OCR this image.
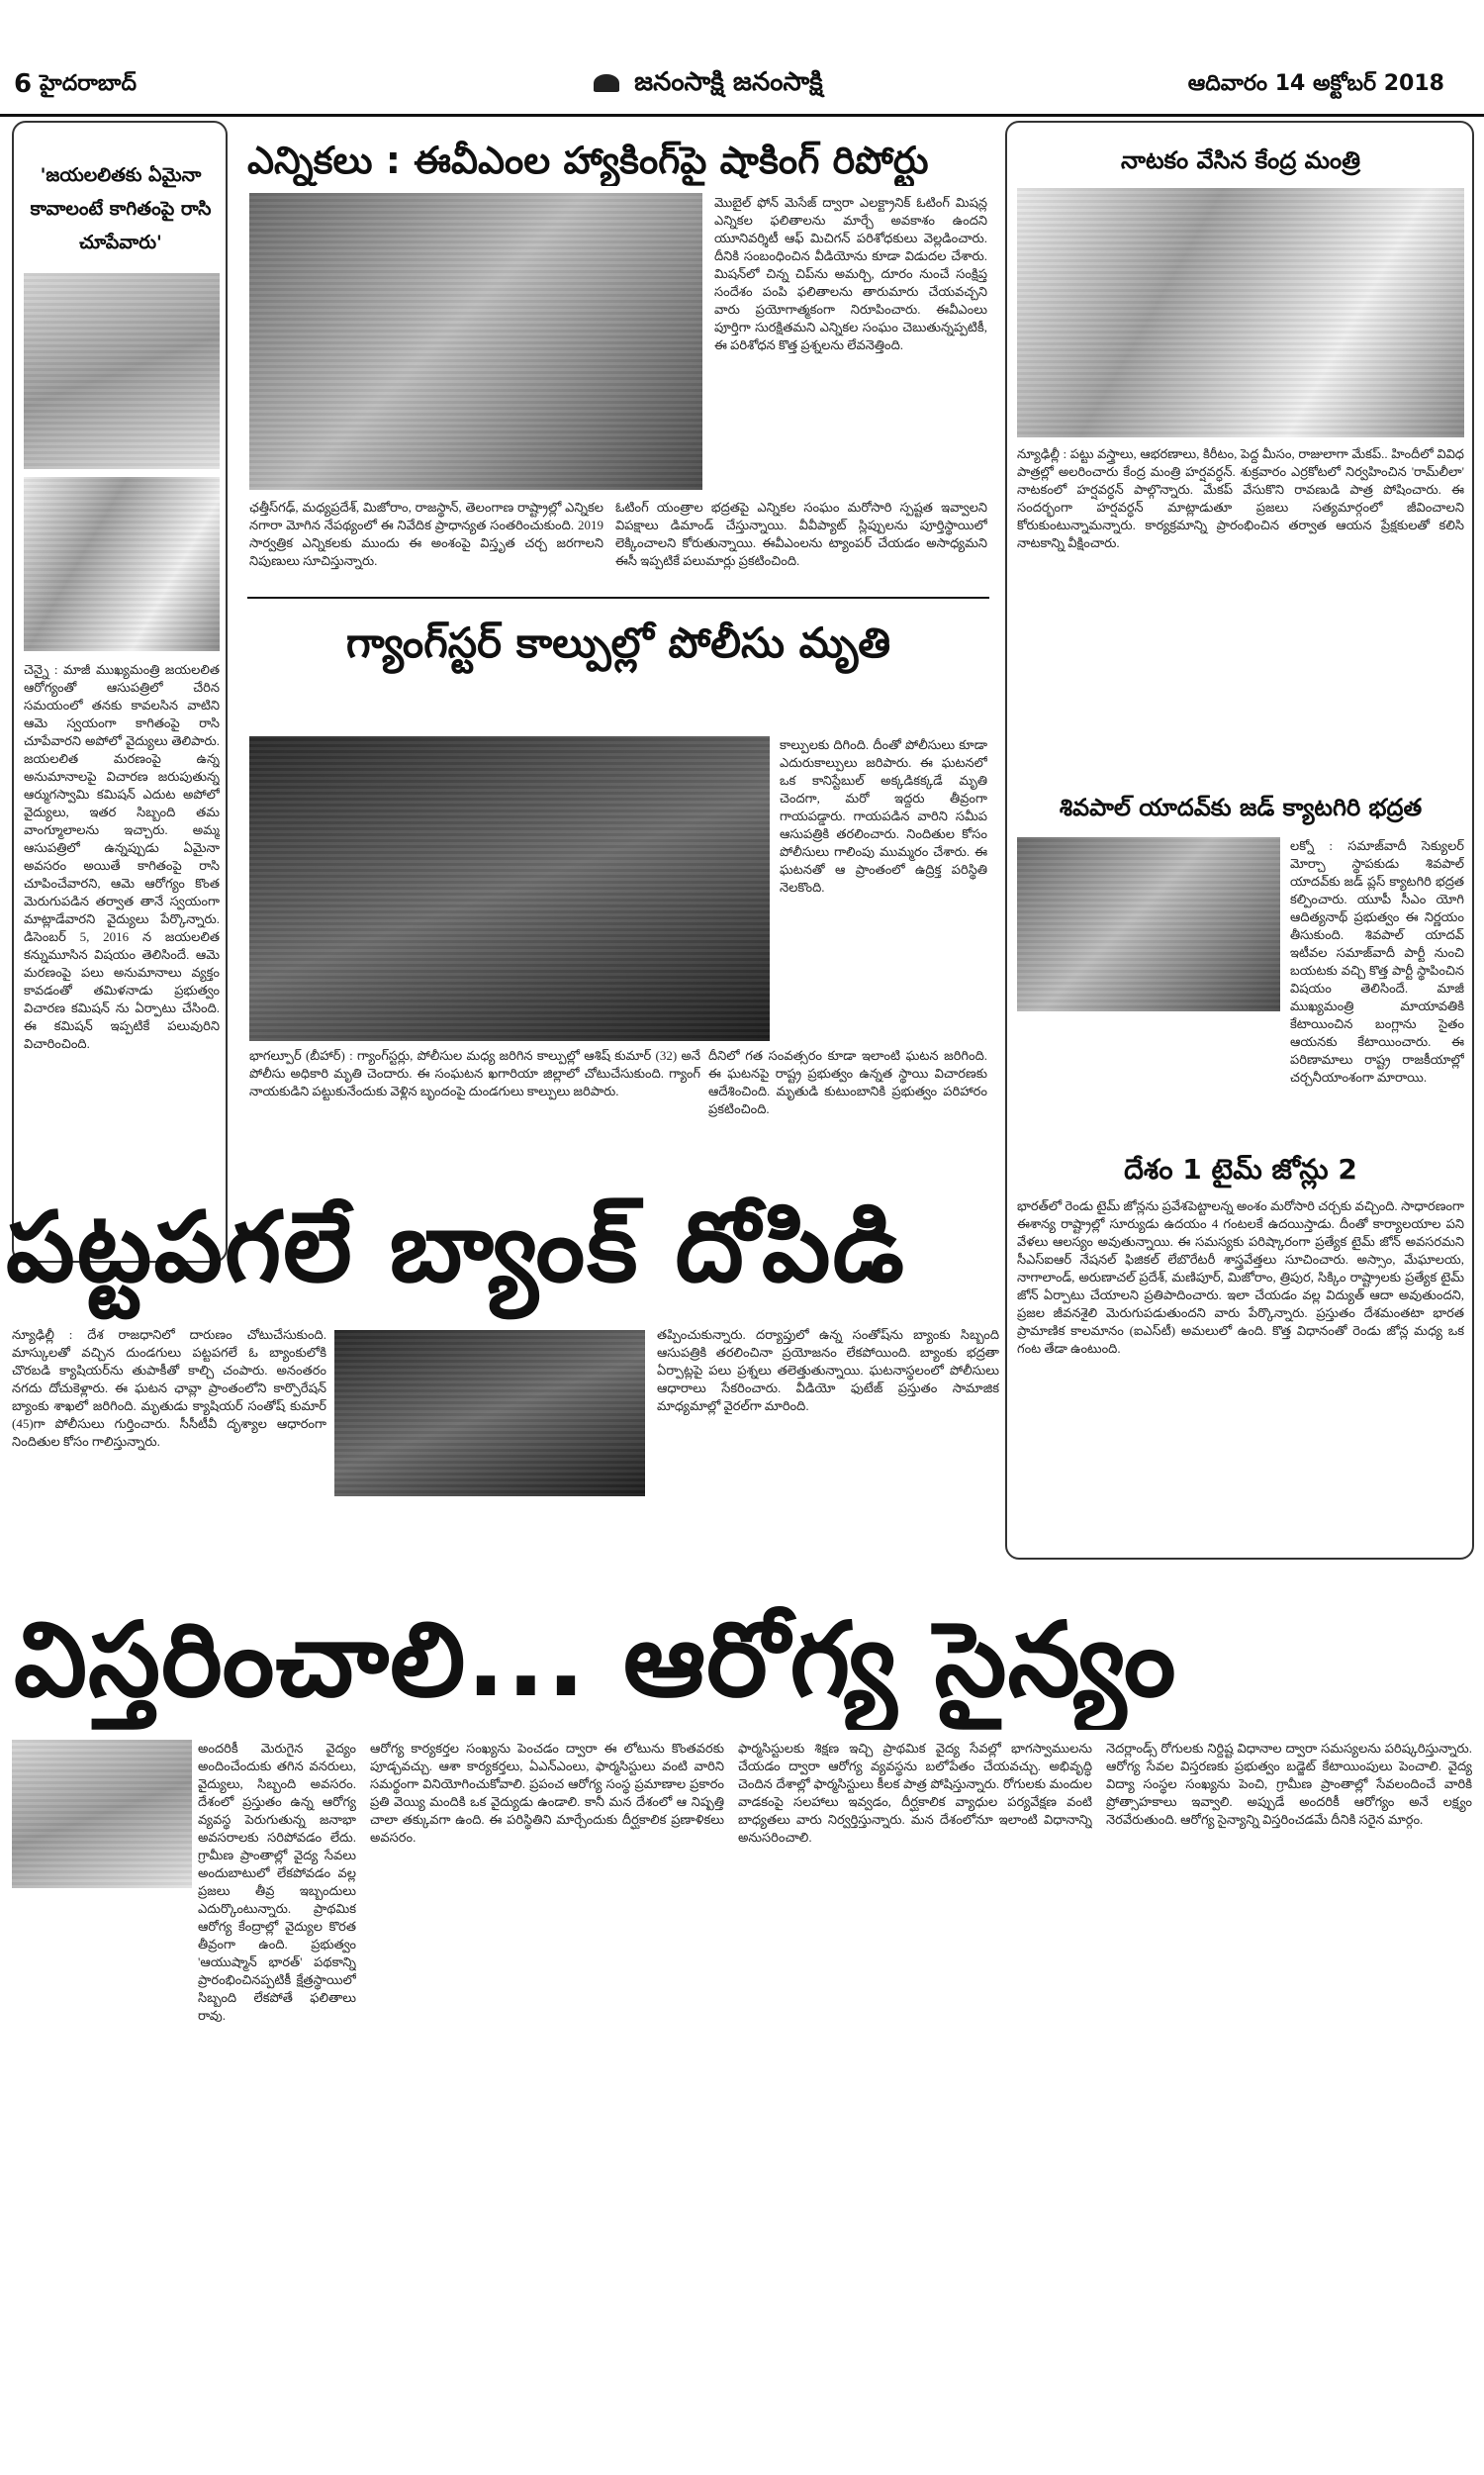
6 హైదరాబాద్	జనంసాక్షి జనంసాక్షి	ఆదివారం 14 అక్టోబర్ 2018
'జయలలితకు ఏమైనా కావాలంటే కాగితంపై రాసి చూపేవారు'
చెన్నై : మాజీ ముఖ్యమంత్రి జయలలిత ఆరోగ్యంతో ఆసుపత్రిలో చేరిన సమయంలో తనకు కావలసిన వాటిని ఆమె స్వయంగా కాగితంపై రాసి చూపేవారని అపోలో వైద్యులు తెలిపారు. జయలలిత మరణంపై ఉన్న అనుమానాలపై విచారణ జరుపుతున్న ఆర్ముగస్వామి కమిషన్ ఎదుట అపోలో వైద్యులు, ఇతర సిబ్బంది తమ వాంగ్మూలాలను ఇచ్చారు. అమ్మ ఆసుపత్రిలో ఉన్నప్పుడు ఏమైనా అవసరం అయితే కాగితంపై రాసి చూపించేవారని, ఆమె ఆరోగ్యం కొంత మెరుగుపడిన తర్వాత తానే స్వయంగా మాట్లాడేవారని వైద్యులు పేర్కొన్నారు. డిసెంబర్ 5, 2016 న జయలలిత కన్నుమూసిన విషయం తెలిసిందే. ఆమె మరణంపై పలు అనుమానాలు వ్యక్తం కావడంతో తమిళనాడు ప్రభుత్వం విచారణ కమిషన్ ను ఏర్పాటు చేసింది. ఈ కమిషన్ ఇప్పటికే పలువురిని విచారించింది.
ఎన్నికలు : ఈవీఎంల హ్యాకింగ్‌పై షాకింగ్ రిపోర్టు
మొబైల్ ఫోన్ మెసేజ్ ద్వారా ఎలక్ట్రానిక్ ఓటింగ్ మిషన్ల ఎన్నికల ఫలితాలను మార్చే అవకాశం ఉందని యూనివర్శిటీ ఆఫ్ మిచిగన్ పరిశోధకులు వెల్లడించారు. దీనికి సంబంధించిన వీడియోను కూడా విడుదల చేశారు. మిషన్‌లో చిన్న చిప్‌ను అమర్చి, దూరం నుంచే సంక్షిప్త సందేశం పంపి ఫలితాలను తారుమారు చేయవచ్చని వారు ప్రయోగాత్మకంగా నిరూపించారు. ఈవీఎంలు పూర్తిగా సురక్షితమని ఎన్నికల సంఘం చెబుతున్నప్పటికీ, ఈ పరిశోధన కొత్త ప్రశ్నలను లేవనెత్తింది.
ఛత్తీస్‌గఢ్, మధ్యప్రదేశ్, మిజోరాం, రాజస్థాన్, తెలంగాణ రాష్ట్రాల్లో ఎన్నికల నగారా మోగిన నేపథ్యంలో ఈ నివేదిక ప్రాధాన్యత సంతరించుకుంది. 2019 సార్వత్రిక ఎన్నికలకు ముందు ఈ అంశంపై విస్తృత చర్చ జరగాలని నిపుణులు సూచిస్తున్నారు.
ఓటింగ్ యంత్రాల భద్రతపై ఎన్నికల సంఘం మరోసారి స్పష్టత ఇవ్వాలని విపక్షాలు డిమాండ్ చేస్తున్నాయి. వీవీప్యాట్ స్లిప్పులను పూర్తిస్థాయిలో లెక్కించాలని కోరుతున్నాయి. ఈవీఎంలను ట్యాంపర్ చేయడం అసాధ్యమని ఈసీ ఇప్పటికే పలుమార్లు ప్రకటించింది.
గ్యాంగ్‌స్టర్ కాల్పుల్లో పోలీసు మృతి
కాల్పులకు దిగింది. దీంతో పోలీసులు కూడా ఎదురుకాల్పులు జరిపారు. ఈ ఘటనలో ఒక కానిస్టేబుల్ అక్కడికక్కడే మృతి చెందగా, మరో ఇద్దరు తీవ్రంగా గాయపడ్డారు. గాయపడిన వారిని సమీప ఆసుపత్రికి తరలించారు. నిందితుల కోసం పోలీసులు గాలింపు ముమ్మరం చేశారు. ఈ ఘటనతో ఆ ప్రాంతంలో ఉద్రిక్త పరిస్థితి నెలకొంది.
భాగల్పూర్ (బీహార్) : గ్యాంగ్‌స్టర్లు, పోలీసుల మధ్య జరిగిన కాల్పుల్లో ఆశిష్ కుమార్ (32) అనే పోలీసు అధికారి మృతి చెందారు. ఈ సంఘటన ఖగారియా జిల్లాలో చోటుచేసుకుంది. గ్యాంగ్ నాయకుడిని పట్టుకునేందుకు వెళ్లిన బృందంపై దుండగులు కాల్పులు జరిపారు.
దీనిలో గత సంవత్సరం కూడా ఇలాంటి ఘటన జరిగింది. ఈ ఘటనపై రాష్ట్ర ప్రభుత్వం ఉన్నత స్థాయి విచారణకు ఆదేశించింది. మృతుడి కుటుంబానికి ప్రభుత్వం పరిహారం ప్రకటించింది.
నాటకం వేసిన కేంద్ర మంత్రి
న్యూఢిల్లీ : పట్టు వస్త్రాలు, ఆభరణాలు, కిరీటం, పెద్ద మీసం, రాజులాగా మేకప్.. హిందీలో వివిధ పాత్రల్లో అలరించారు కేంద్ర మంత్రి హర్షవర్ధన్. శుక్రవారం ఎర్రకోటలో నిర్వహించిన 'రామ్‌లీలా' నాటకంలో హర్షవర్ధన్ పాల్గొన్నారు. మేకప్ వేసుకొని రావణుడి పాత్ర పోషించారు. ఈ సందర్భంగా హర్షవర్ధన్ మాట్లాడుతూ ప్రజలు సత్యమార్గంలో జీవించాలని కోరుకుంటున్నామన్నారు. కార్యక్రమాన్ని ప్రారంభించిన తర్వాత ఆయన ప్రేక్షకులతో కలిసి నాటకాన్ని వీక్షించారు.
శివపాల్ యాదవ్‌కు జడ్ క్యాటగిరి భద్రత
లక్నో : సమాజ్‌వాదీ సెక్యులర్ మోర్చా స్థాపకుడు శివపాల్ యాదవ్‌కు జడ్ ప్లస్ క్యాటగిరి భద్రత కల్పించారు. యూపీ సీఎం యోగి ఆదిత్యనాథ్ ప్రభుత్వం ఈ నిర్ణయం తీసుకుంది. శివపాల్ యాదవ్ ఇటీవల సమాజ్‌వాదీ పార్టీ నుంచి బయటకు వచ్చి కొత్త పార్టీ స్థాపించిన విషయం తెలిసిందే. మాజీ ముఖ్యమంత్రి మాయావతికి కేటాయించిన బంగ్లాను సైతం ఆయనకు కేటాయించారు. ఈ పరిణామాలు రాష్ట్ర రాజకీయాల్లో చర్చనీయాంశంగా మారాయి.
దేశం 1 టైమ్ జోన్లు 2
భారత్‌లో రెండు టైమ్ జోన్లను ప్రవేశపెట్టాలన్న అంశం మరోసారి చర్చకు వచ్చింది. సాధారణంగా ఈశాన్య రాష్ట్రాల్లో సూర్యుడు ఉదయం 4 గంటలకే ఉదయిస్తాడు. దీంతో కార్యాలయాల పని వేళలు ఆలస్యం అవుతున్నాయి. ఈ సమస్యకు పరిష్కారంగా ప్రత్యేక టైమ్ జోన్ అవసరమని సీఎస్ఐఆర్ నేషనల్ ఫిజికల్ లేబొరేటరీ శాస్త్రవేత్తలు సూచించారు. అస్సాం, మేఘాలయ, నాగాలాండ్, అరుణాచల్ ప్రదేశ్, మణిపూర్, మిజోరాం, త్రిపుర, సిక్కిం రాష్ట్రాలకు ప్రత్యేక టైమ్ జోన్ ఏర్పాటు చేయాలని ప్రతిపాదించారు. ఇలా చేయడం వల్ల విద్యుత్ ఆదా అవుతుందని, ప్రజల జీవనశైలి మెరుగుపడుతుందని వారు పేర్కొన్నారు. ప్రస్తుతం దేశమంతటా భారత ప్రామాణిక కాలమానం (ఐఎస్‌టీ) అమలులో ఉంది. కొత్త విధానంతో రెండు జోన్ల మధ్య ఒక గంట తేడా ఉంటుంది.
పట్టపగలే బ్యాంక్ దోపిడి
న్యూఢిల్లీ : దేశ రాజధానిలో దారుణం చోటుచేసుకుంది. మాస్కులతో వచ్చిన దుండగులు పట్టపగలే ఓ బ్యాంకులోకి చొరబడి క్యాషియర్‌ను తుపాకీతో కాల్చి చంపారు. అనంతరం నగదు దోచుకెళ్లారు. ఈ ఘటన ఛావ్లా ప్రాంతంలోని కార్పొరేషన్ బ్యాంకు శాఖలో జరిగింది. మృతుడు క్యాషియర్ సంతోష్ కుమార్ (45)గా పోలీసులు గుర్తించారు. సీసీటీవీ దృశ్యాల ఆధారంగా నిందితుల కోసం గాలిస్తున్నారు.
తప్పించుకున్నారు. దర్యాప్తులో ఉన్న సంతోష్‌ను బ్యాంకు సిబ్బంది ఆసుపత్రికి తరలించినా ప్రయోజనం లేకపోయింది. బ్యాంకు భద్రతా ఏర్పాట్లపై పలు ప్రశ్నలు తలెత్తుతున్నాయి. ఘటనాస్థలంలో పోలీసులు ఆధారాలు సేకరించారు. వీడియో ఫుటేజ్ ప్రస్తుతం సామాజిక మాధ్యమాల్లో వైరల్‌గా మారింది.
విస్తరించాలి... ఆరోగ్య సైన్యం
అందరికీ మెరుగైన వైద్యం అందించేందుకు తగిన వనరులు, వైద్యులు, సిబ్బంది అవసరం. దేశంలో ప్రస్తుతం ఉన్న ఆరోగ్య వ్యవస్థ పెరుగుతున్న జనాభా అవసరాలకు సరిపోవడం లేదు. గ్రామీణ ప్రాంతాల్లో వైద్య సేవలు అందుబాటులో లేకపోవడం వల్ల ప్రజలు తీవ్ర ఇబ్బందులు ఎదుర్కొంటున్నారు. ప్రాథమిక ఆరోగ్య కేంద్రాల్లో వైద్యుల కొరత తీవ్రంగా ఉంది. ప్రభుత్వం 'ఆయుష్మాన్ భారత్' పథకాన్ని ప్రారంభించినప్పటికీ క్షేత్రస్థాయిలో సిబ్బంది లేకపోతే ఫలితాలు రావు.
ఆరోగ్య కార్యకర్తల సంఖ్యను పెంచడం ద్వారా ఈ లోటును కొంతవరకు పూడ్చవచ్చు. ఆశా కార్యకర్తలు, ఏఎన్ఎంలు, ఫార్మసిస్టులు వంటి వారిని సమర్థంగా వినియోగించుకోవాలి. ప్రపంచ ఆరోగ్య సంస్థ ప్రమాణాల ప్రకారం ప్రతి వెయ్యి మందికి ఒక వైద్యుడు ఉండాలి. కానీ మన దేశంలో ఆ నిష్పత్తి చాలా తక్కువగా ఉంది. ఈ పరిస్థితిని మార్చేందుకు దీర్ఘకాలిక ప్రణాళికలు అవసరం.
ఫార్మసిస్టులకు శిక్షణ ఇచ్చి ప్రాథమిక వైద్య సేవల్లో భాగస్వాములను చేయడం ద్వారా ఆరోగ్య వ్యవస్థను బలోపేతం చేయవచ్చు. అభివృద్ధి చెందిన దేశాల్లో ఫార్మసిస్టులు కీలక పాత్ర పోషిస్తున్నారు. రోగులకు మందుల వాడకంపై సలహాలు ఇవ్వడం, దీర్ఘకాలిక వ్యాధుల పర్యవేక్షణ వంటి బాధ్యతలు వారు నిర్వర్తిస్తున్నారు. మన దేశంలోనూ ఇలాంటి విధానాన్ని అనుసరించాలి.
నెదర్లాండ్స్ రోగులకు నిర్దిష్ట విధానాల ద్వారా సమస్యలను పరిష్కరిస్తున్నారు. ఆరోగ్య సేవల విస్తరణకు ప్రభుత్వం బడ్జెట్ కేటాయింపులు పెంచాలి. వైద్య విద్యా సంస్థల సంఖ్యను పెంచి, గ్రామీణ ప్రాంతాల్లో సేవలందించే వారికి ప్రోత్సాహకాలు ఇవ్వాలి. అప్పుడే అందరికీ ఆరోగ్యం అనే లక్ష్యం నెరవేరుతుంది. ఆరోగ్య సైన్యాన్ని విస్తరించడమే దీనికి సరైన మార్గం.
